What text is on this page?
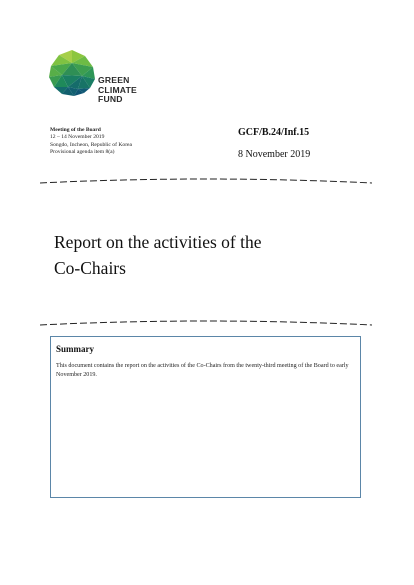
GREEN
CLIMATE
FUND
Meeting of the Board
12 – 14 November 2019
Songdo, Incheon, Republic of Korea
Provisional agenda item 8(a)
GCF/B.24/Inf.15
8 November 2019
Report on the activities of the
Co-Chairs
Summary
This document contains the report on the activities of the Co-Chairs from the twenty-third meeting of the Board to early November 2019.
